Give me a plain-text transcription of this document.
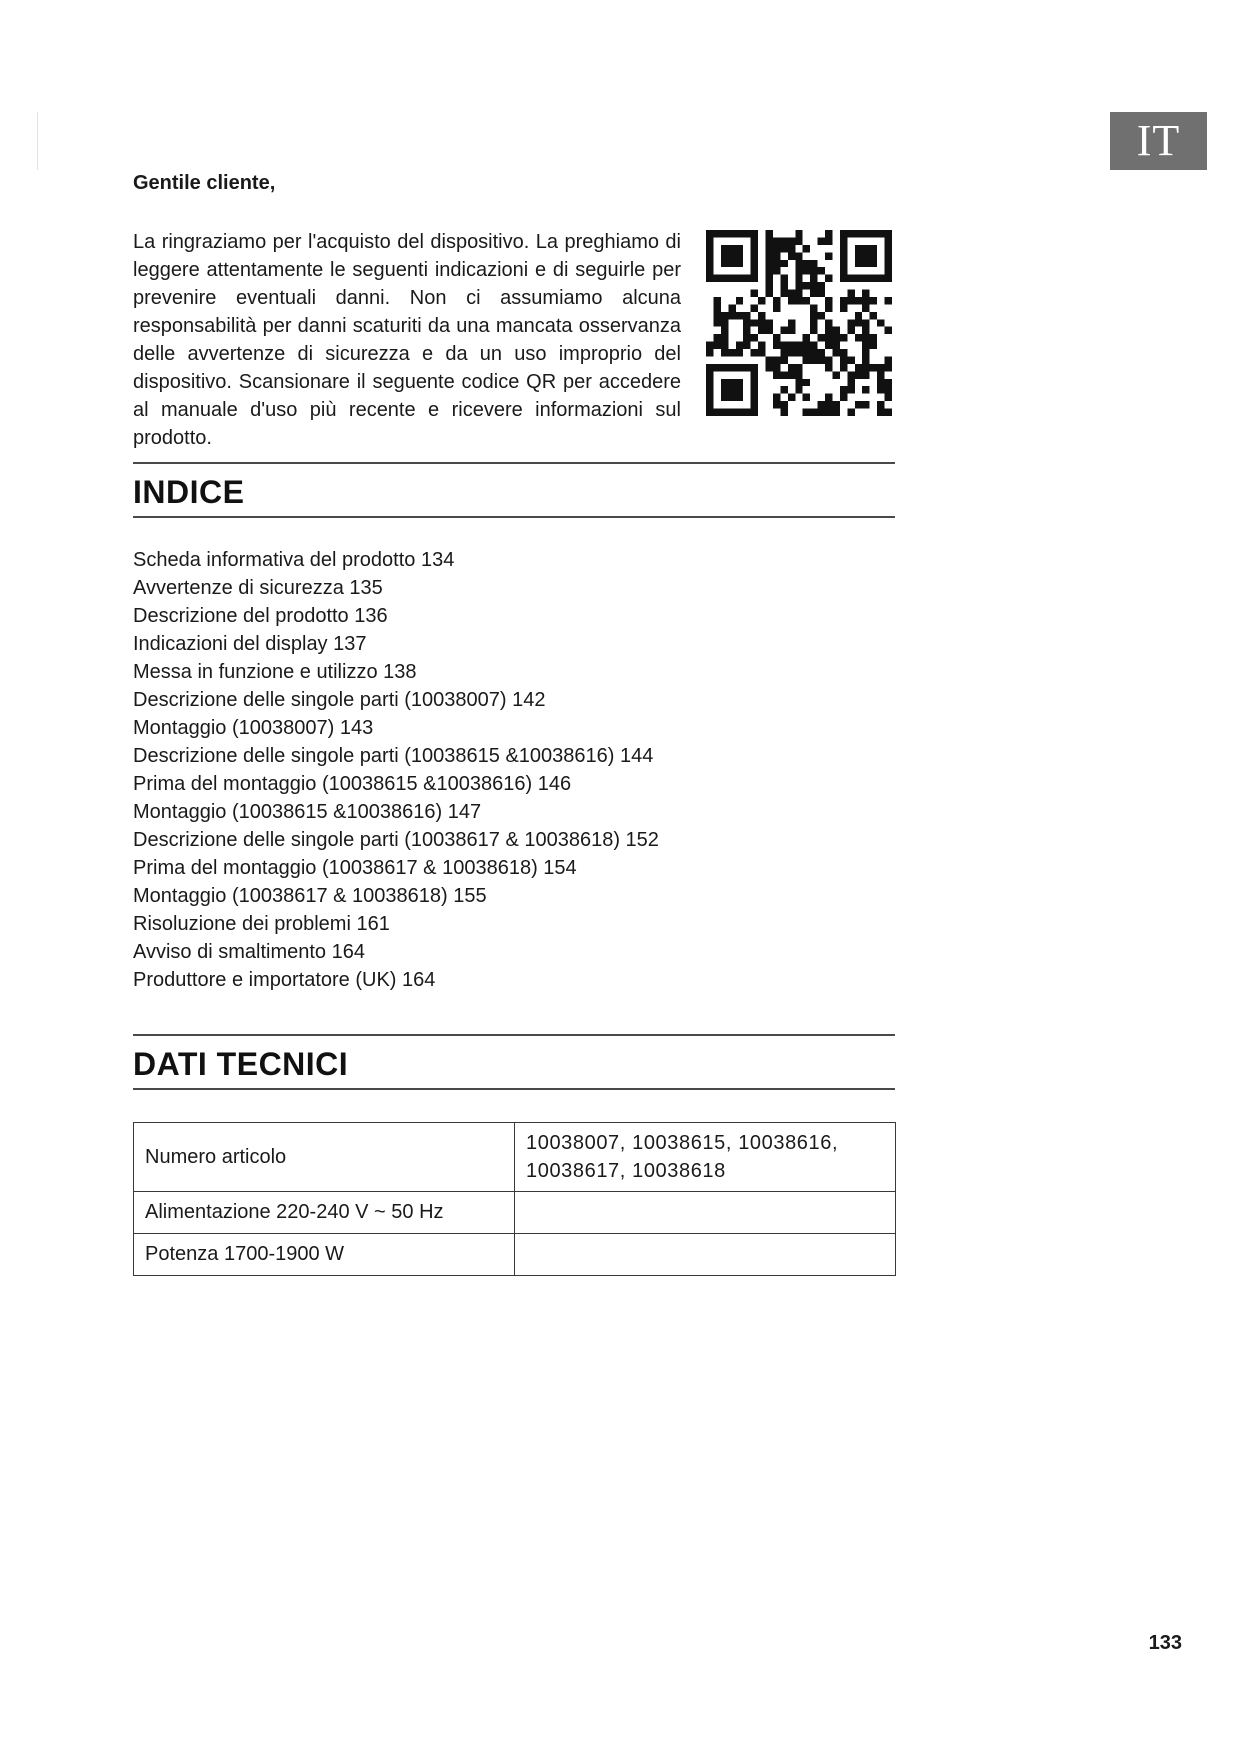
IT
Gentile cliente,
La ringraziamo per l'acquisto del dispositivo. La preghiamo di leggere attentamente le seguenti indicazioni e di seguirle per prevenire eventuali danni. Non ci assumiamo alcuna responsabilità per danni scaturiti da una mancata osservanza delle avvertenze di sicurezza e da un uso improprio del dispositivo. Scansionare il seguente codice QR per accedere al manuale d'uso più recente e ricevere informazioni sul prodotto.
INDICE
Scheda informativa del prodotto 134
Avvertenze di sicurezza 135
Descrizione del prodotto 136
Indicazioni del display 137
Messa in funzione e utilizzo 138
Descrizione delle singole parti (10038007) 142
Montaggio (10038007) 143
Descrizione delle singole parti (10038615 &10038616) 144
Prima del montaggio (10038615 &10038616) 146
Montaggio (10038615 &10038616) 147
Descrizione delle singole parti (10038617 & 10038618) 152
Prima del montaggio (10038617 & 10038618) 154
Montaggio (10038617 & 10038618) 155
Risoluzione dei problemi 161
Avviso di smaltimento 164
Produttore e importatore (UK) 164
DATI TECNICI
Numero articolo	10038007, 10038615, 10038616,
10038617, 10038618
Alimentazione 220-240 V ~ 50 Hz	
Potenza 1700-1900 W	
133
